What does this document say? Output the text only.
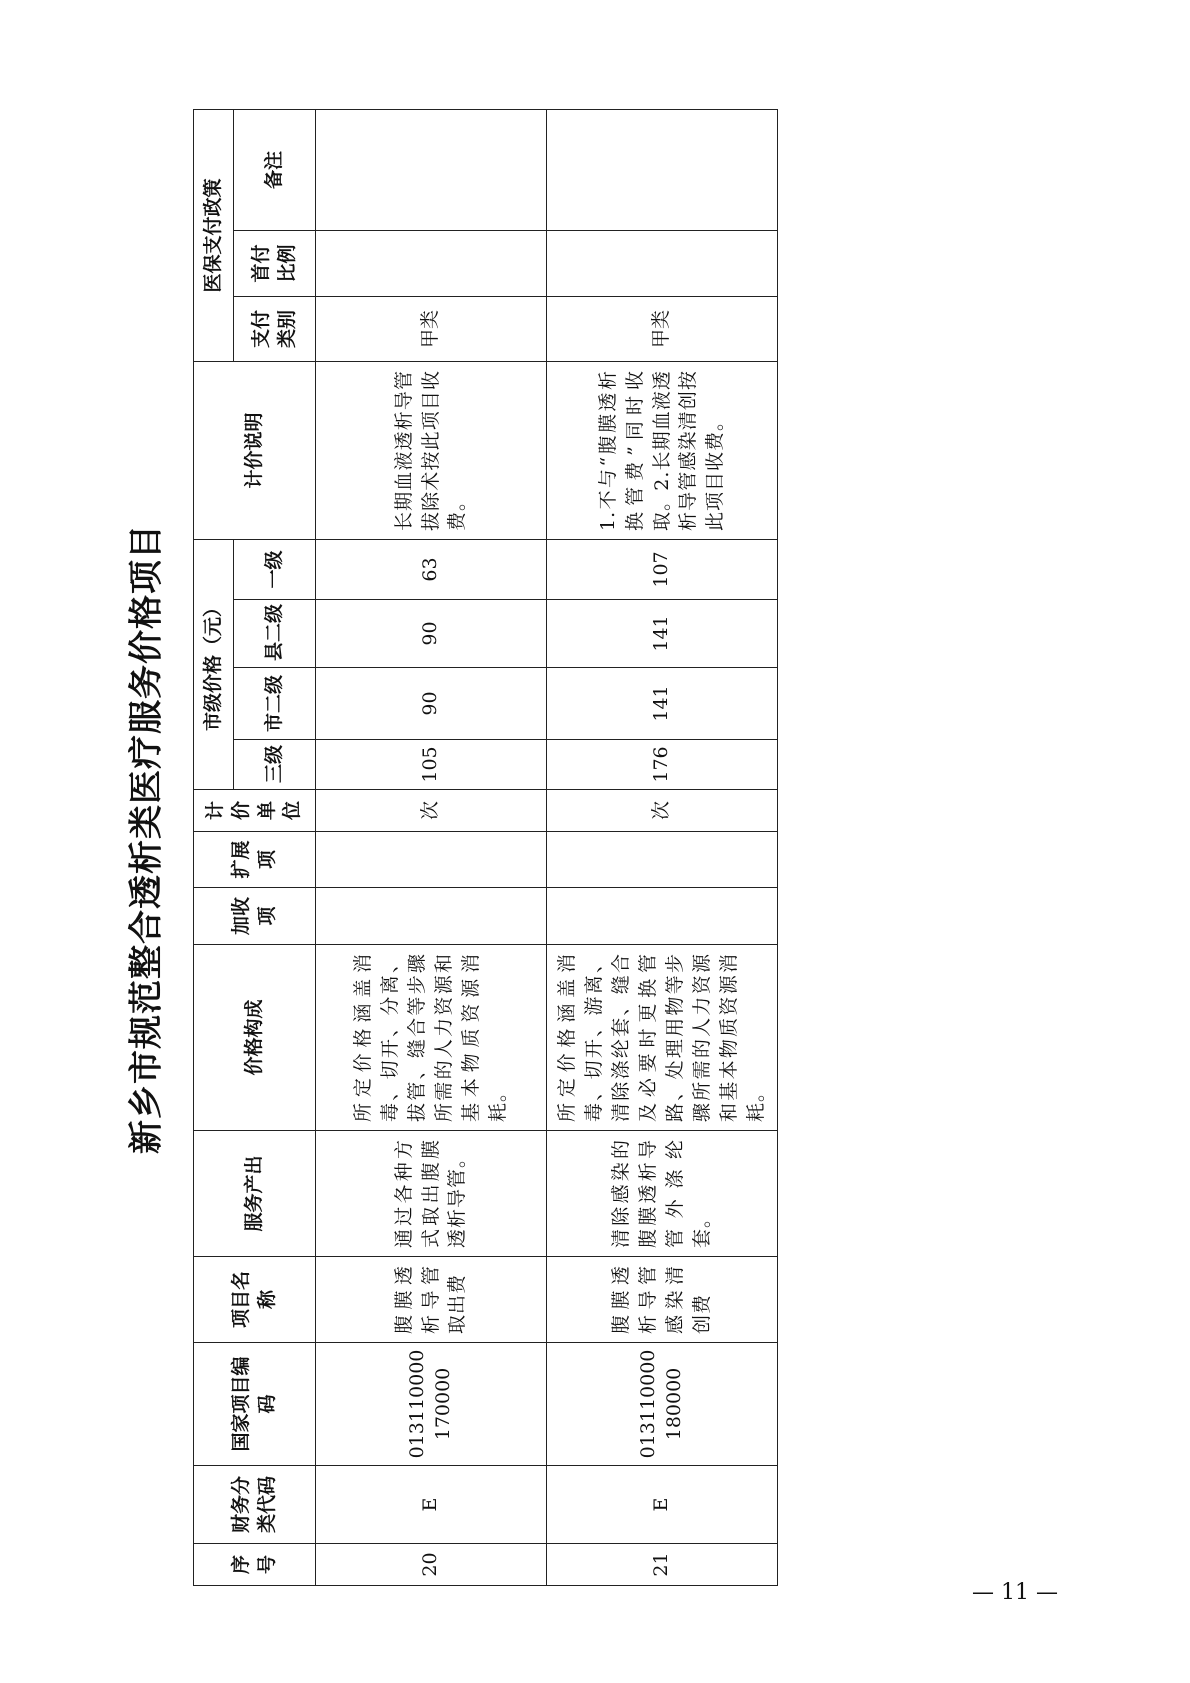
新乡市规范整合透析类医疗服务价格项目
序号	财务分类代码	国家项目编码	项目名称	服务产出	价格构成	加收项	扩展项	计价单位	市级价格（元）				计价说明	医保支付政策		
									三级	市二级	县二级	一级		支付类别	首付比例	备注
20	E	013110000170000	腹膜透析导管取出费	通过各种方式取出腹膜透析导管。	所定价格涵盖消毒、切开、分离、拔管、缝合等步骤所需的人力资源和基本物质资源消耗。			次	105	90	90	63	长期血液透析导管拔除术按此项目收费。	甲类		
21	E	013110000180000	腹膜透析导管感染清创费	清除感染的腹膜透析导管外涤纶套。	所定价格涵盖消毒、切开、游离、清除涤纶套、缝合及必要时更换管路、处理用物等步骤所需的人力资源和基本物质资源消耗。			次	176	141	141	107	1.不与“腹膜透析换管费”同时收取。2.长期血液透析导管感染清创按此项目收费。	甲类		
— 11 —
